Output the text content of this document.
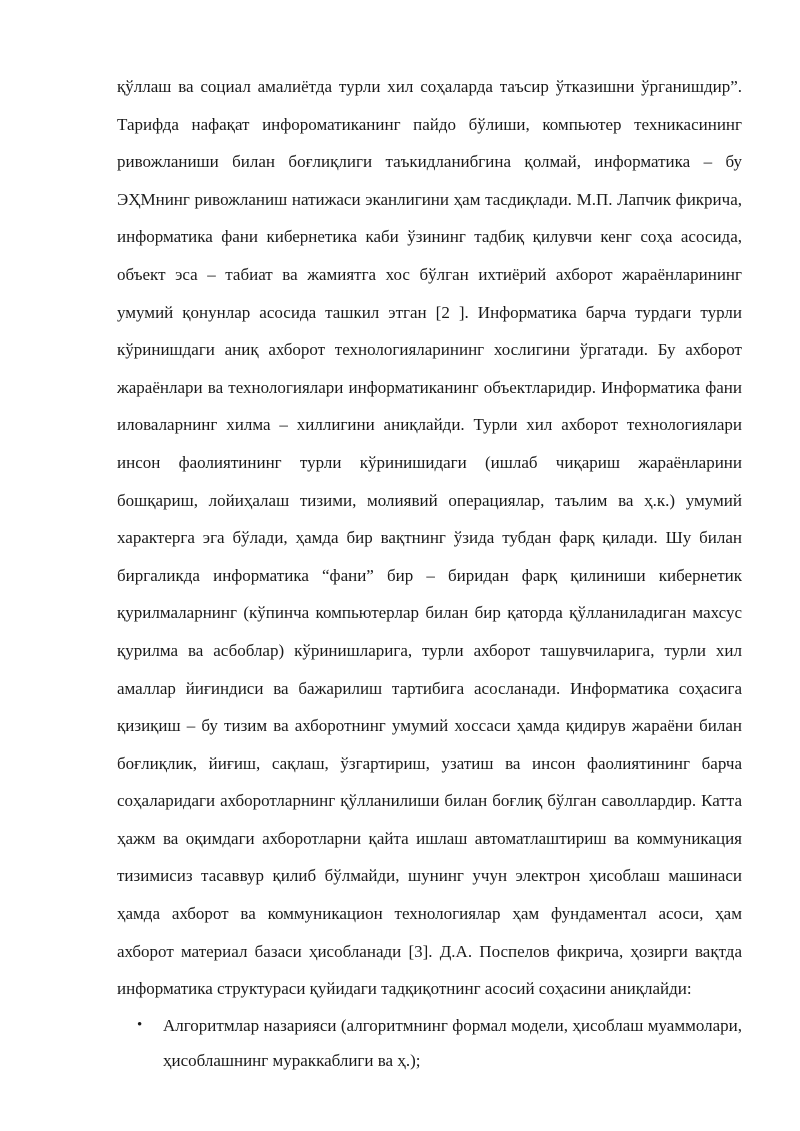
қўллаш ва социал амалиётда турли хил соҳаларда таъсир ўтказишни ўрганишдир”. Тарифда нафақат инфороматиканинг пайдо бўлиши, компьютер техникасининг ривожланиши билан боғлиқлиги таъкидланибгина қолмай, информатика – бу ЭҲМнинг ривожланиш натижаси эканлигини ҳам тасдиқлади. М.П. Лапчик фикрича, информатика фани кибернетика каби ўзининг тадбиқ қилувчи кенг соҳа асосида, объект эса – табиат ва жамиятга хос бўлган ихтиёрий ахборот жараёнларининг умумий қонунлар асосида ташкил этган [2 ]. Информатика барча турдаги турли кўринишдаги аниқ ахборот технологияларининг хослигини ўргатади. Бу ахборот жараёнлари ва технологиялари информатиканинг объектларидир. Информатика фани иловаларнинг хилма – хиллигини аниқлайди. Турли хил ахборот технологиялари инсон фаолиятининг турли кўринишидаги (ишлаб чиқариш жараёнларини бошқариш, лойиҳалаш тизими, молиявий операциялар, таълим ва ҳ.к.) умумий характерга эга бўлади, ҳамда бир вақтнинг ўзида тубдан фарқ қилади. Шу билан биргаликда информатика “фани” бир – биридан фарқ қилиниши кибернетик қурилмаларнинг (кўпинча компьютерлар билан бир қаторда қўлланиладиган махсус қурилма ва асбоблар) кўринишларига, турли ахборот ташувчиларига, турли хил амаллар йиғиндиси ва бажарилиш тартибига асосланади. Информатика соҳасига қизиқиш – бу тизим ва ахборотнинг умумий хоссаси ҳамда қидирув жараёни билан боғлиқлик, йиғиш, сақлаш, ўзгартириш, узатиш ва инсон фаолиятининг барча соҳаларидаги ахборотларнинг қўлланилиши билан боғлиқ бўлган саволлардир. Катта ҳажм ва оқимдаги ахборотларни қайта ишлаш автоматлаштириш ва коммуникация тизимисиз тасаввур қилиб бўлмайди, шунинг учун электрон ҳисоблаш машинаси ҳамда ахборот ва коммуникацион технологиялар ҳам фундаментал асоси, ҳам ахборот материал базаси ҳисобланади [3]. Д.А. Поспелов фикрича, ҳозирги вақтда информатика структураси қуйидаги тадқиқотнинг асосий соҳасини аниқлайди:

• Алгоритмлар назарияси (алгоритмнинг формал модели, ҳисоблаш муаммолари, ҳисоблашнинг мураккаблиги ва ҳ.);
